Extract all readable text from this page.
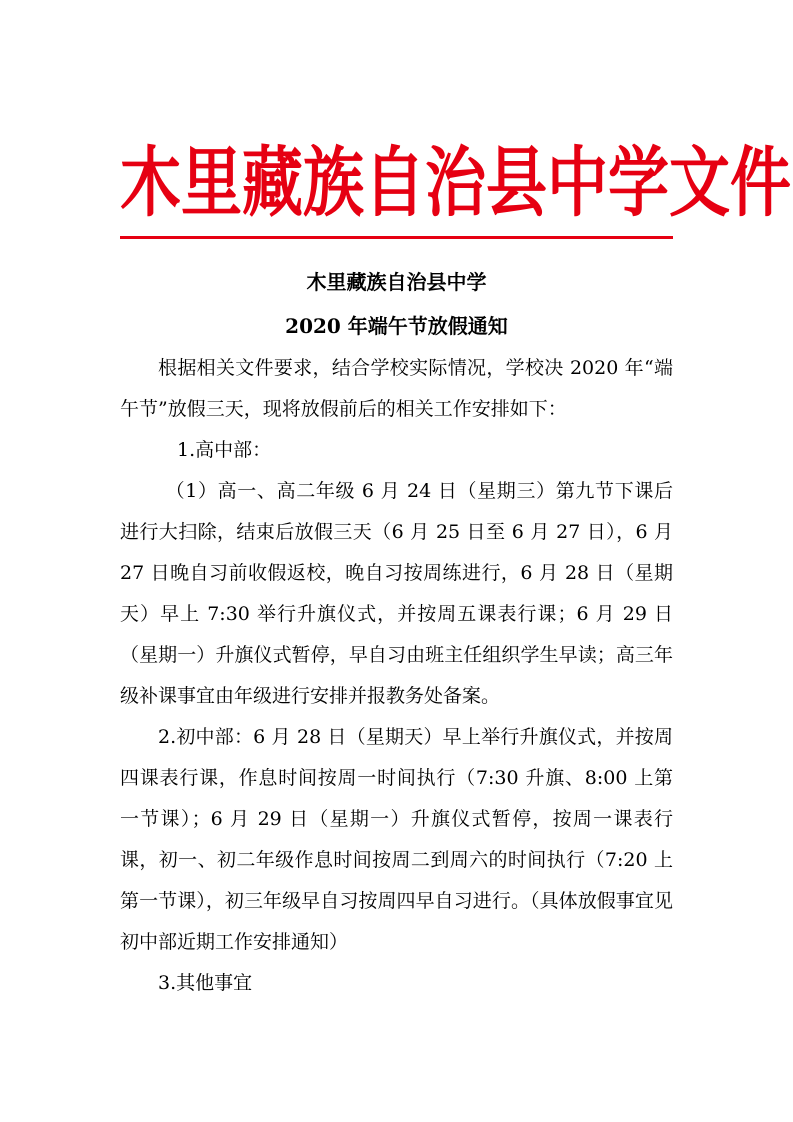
木里藏族自治县中学文件
木里藏族自治县中学
2020 年端午节放假通知

根据相关文件要求，结合学校实际情况，学校决 2020 年“端午节”放假三天，现将放假前后的相关工作安排如下：

1.高中部：

（1）高一、高二年级 6 月 24 日（星期三）第九节下课后进行大扫除，结束后放假三天（6 月 25 日至 6 月 27 日），6 月 27 日晚自习前收假返校，晚自习按周练进行，6 月 28 日（星期天）早上 7:30 举行升旗仪式，并按周五课表行课；6 月 29 日（星期一）升旗仪式暂停，早自习由班主任组织学生早读；高三年级补课事宜由年级进行安排并报教务处备案。

2.初中部：6 月 28 日（星期天）早上举行升旗仪式，并按周四课表行课，作息时间按周一时间执行（7:30 升旗、8:00 上第一节课）；6 月 29 日（星期一）升旗仪式暂停，按周一课表行课，初一、初二年级作息时间按周二到周六的时间执行（7:20 上第一节课），初三年级早自习按周四早自习进行。（具体放假事宜见初中部近期工作安排通知）

3.其他事宜
